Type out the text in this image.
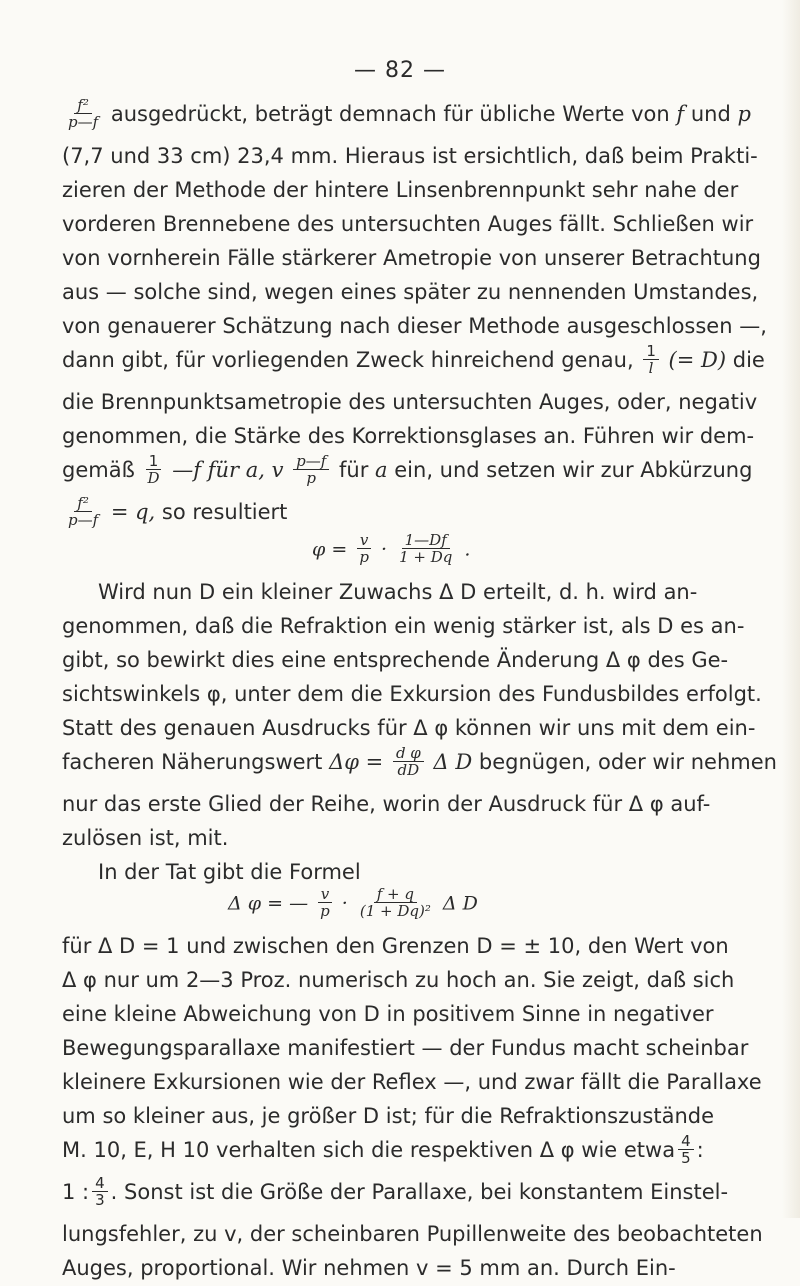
— 82 —
$\frac{\text{f²}}{p—f}$ ausgedrückt, beträgt demnach für übliche Werte von f und p
(7,7 und 33 cm) 23,4 mm. Hieraus ist ersichtlich, daß beim Prakti-
zieren der Methode der hintere Linsenbrennpunkt sehr nahe der
vorderen Brennebene des untersuchten Auges fällt. Schließen wir
von vornherein Fälle stärkerer Ametropie von unserer Betrachtung
aus — solche sind, wegen eines später zu nennenden Umstandes,
von genauerer Schätzung nach dieser Methode ausgeschlossen —,
dann gibt, für vorliegenden Zweck hinreichend genau, $\frac{1}{l}$ (= D) die
die Brennpunktsametropie des untersuchten Auges, oder, negativ
genommen, die Stärke des Korrektionsglases an. Führen wir dem-
gemäß $\frac{1}{D}$ —f für a, v $\frac{p—f}{p}$ für a ein, und setzen wir zur Abkürzung
$\frac{\text{f²}}{p—f} = q$, so resultiert
$\varphi = \frac{v}{p} \cdot \frac{1—Df}{1 + Dq}$ .
Wird nun D ein kleiner Zuwachs Δ D erteilt, d. h. wird an-
genommen, daß die Refraktion ein wenig stärker ist, als D es an-
gibt, so bewirkt dies eine entsprechende Änderung Δ φ des Ge-
sichtswinkels φ, unter dem die Exkursion des Fundusbildes erfolgt.
Statt des genauen Ausdrucks für Δ φ können wir uns mit dem ein-
facheren Näherungswert $\Delta\varphi = \frac{\text{d φ}}{dD}$ Δ D begnügen, oder wir nehmen
nur das erste Glied der Reihe, worin der Ausdruck für Δ φ auf-
zulösen ist, mit.
In der Tat gibt die Formel
Δ φ = — $\frac{v}{p} \cdot \frac{f + q}{\text{(1 + Dq)²}}$ Δ D
für Δ D = 1 und zwischen den Grenzen D = ± 10, den Wert von
Δ φ nur um 2—3 Proz. numerisch zu hoch an. Sie zeigt, daß sich
eine kleine Abweichung von D in positivem Sinne in negativer
Bewegungsparallaxe manifestiert — der Fundus macht scheinbar
kleinere Exkursionen wie der Reflex —, und zwar fällt die Parallaxe
um so kleiner aus, je größer D ist; für die Refraktionszustände
M. 10, E, H 10 verhalten sich die respektiven Δ φ wie etwa $\frac{4}{5}$ :
1 : $\frac{4}{3}$ . Sonst ist die Größe der Parallaxe, bei konstantem Einstel-
lungsfehler, zu v, der scheinbaren Pupillenweite des beobachteten
Auges, proportional. Wir nehmen v = 5 mm an. Durch Ein-
